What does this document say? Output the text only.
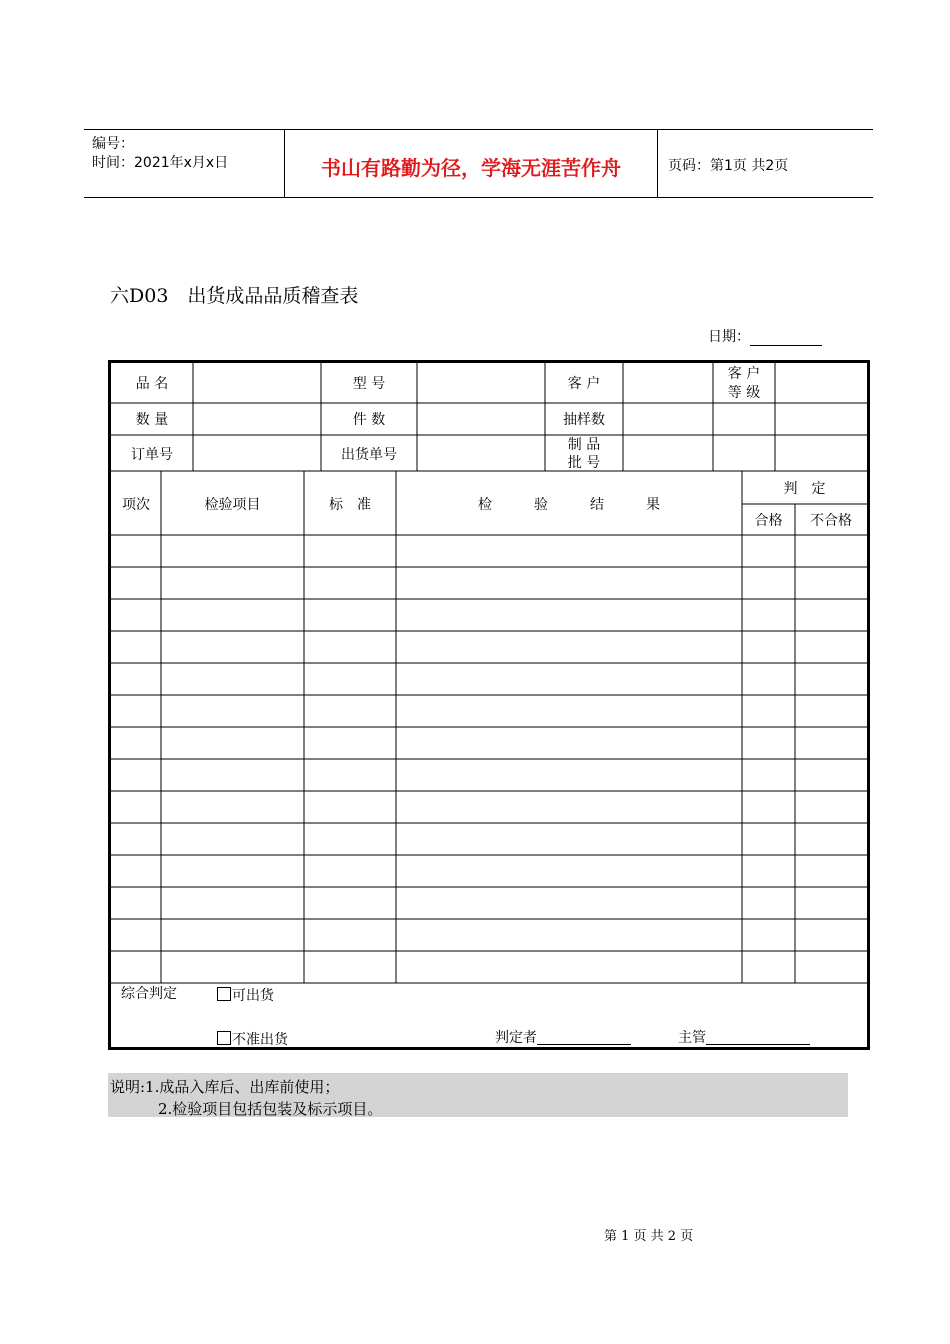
编号：
时间：2021年x月x日	书山有路勤为径，学海无涯苦作舟	页码：第1页 共2页
六D03　出货成品品质稽查表
日期：
品 名	型 号	客 户
客 户
等 级
数 量	件 数	抽样数
订单号	出货单号
制 品
批 号
项次	检验项目	标　准	检　　　验　　　结　　　果
判　定
合格	不合格
综合判定	可出货
不准出货	判定者	主管
说明:1.成品入库后、出库前使用；
2.检验项目包括包装及标示项目。
第 1 页 共 2 页
